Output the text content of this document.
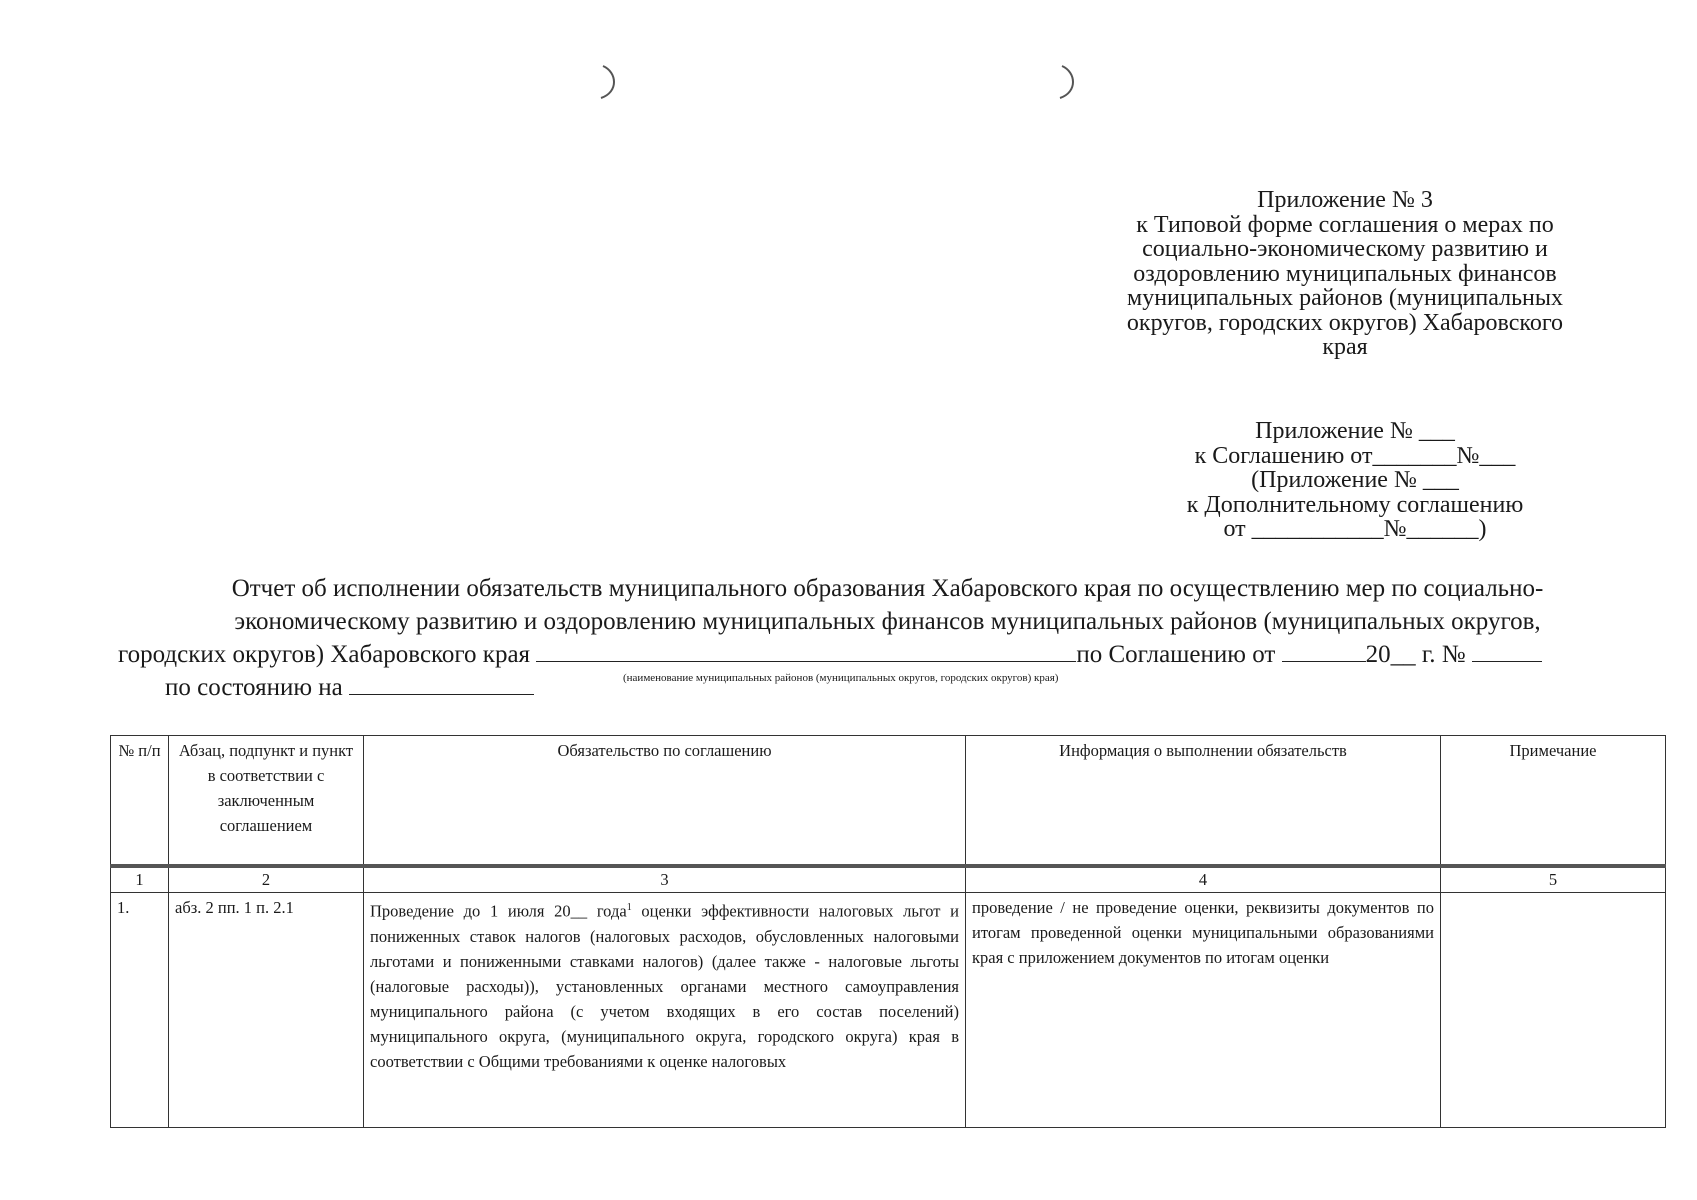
Приложение № 3
к Типовой форме соглашения о мерах по
социально-экономическому развитию и
оздоровлению муниципальных финансов
муниципальных районов (муниципальных
округов, городских округов) Хабаровского
края
Приложение № ___
к Соглашению от_______№___
(Приложение № ___
к Дополнительному соглашению
от ___________№______)
Отчет об исполнении обязательств муниципального образования Хабаровского края по осуществлению мер по социально-
экономическому развитию и оздоровлению муниципальных финансов муниципальных районов (муниципальных округов,
городских округов) Хабаровского края	по Соглашению от	20__ г. №
по состоянию на	(наименование муниципальных районов (муниципальных округов, городских округов) края)
№ п/п	Абзац, подпункт и пункт в соответствии с заключенным соглашением	Обязательство по соглашению	Информация о выполнении обязательств	Примечание
1	2	3	4	5
1.	абз. 2 пп. 1 п. 2.1	Проведение до 1 июля 20__ года$^1$ оценки эффективности налоговых льгот и пониженных ставок налогов (налоговых расходов, обусловленных налоговыми льготами и пониженными ставками налогов) (далее также - налоговые льготы (налоговые расходы)), установленных органами местного самоуправления муниципального района (с учетом входящих в его состав поселений) муниципального округа, (муниципального округа, городского округа) края в соответствии с Общими требованиями к оценке налоговых	проведение / не проведение оценки, реквизиты документов по итогам проведенной оценки муниципальными образованиями края с приложением документов по итогам оценки	
